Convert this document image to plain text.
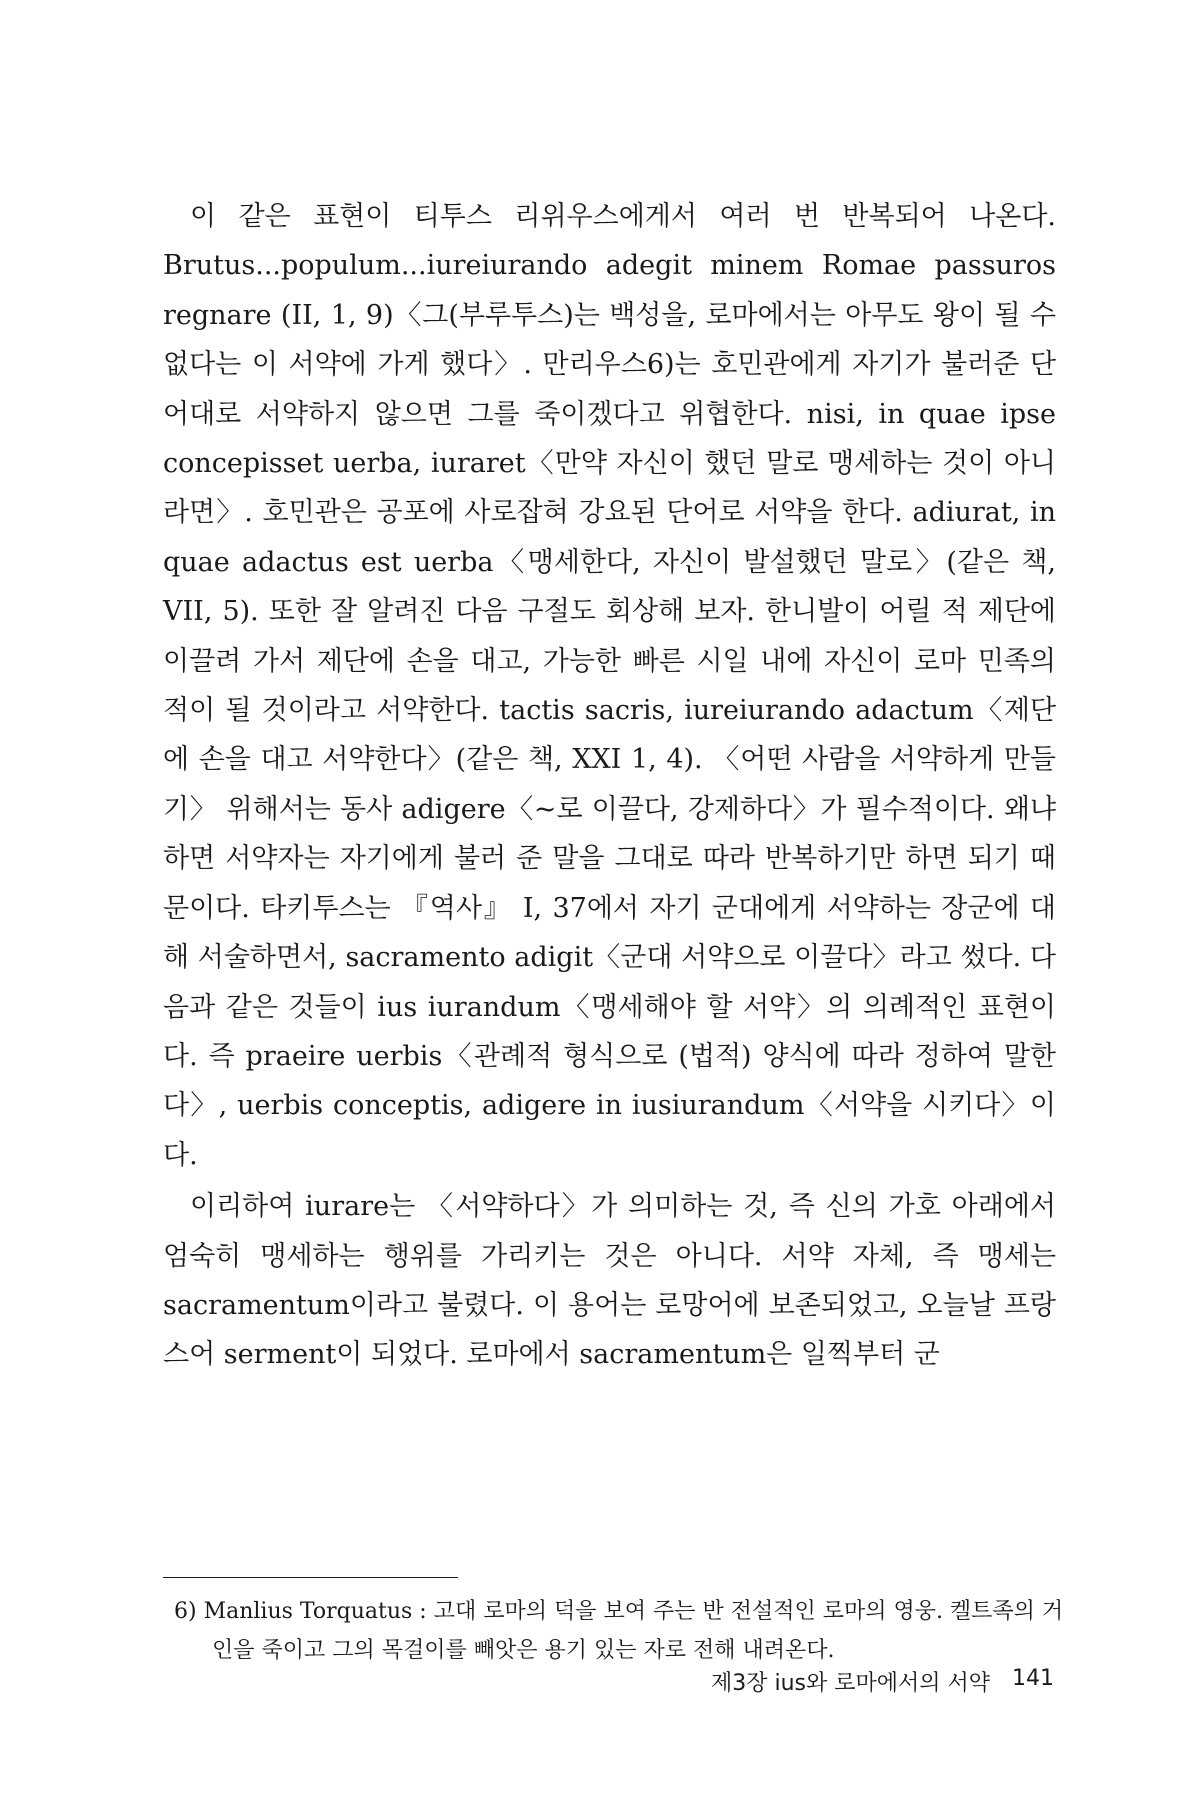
이 같은 표현이 티투스 리위우스에게서 여러 번 반복되어 나온다. Brutus...populum...iureiurando adegit minem Romae passuros regnare (II, 1, 9)〈그(부루투스)는 백성을, 로마에서는 아무도 왕이 될 수 없다는 이 서약에 가게 했다〉. 만리우스6)는 호민관에게 자기가 불러준 단어대로 서약하지 않으면 그를 죽이겠다고 위협한다. nisi, in quae ipse concepisset uerba, iuraret〈만약 자신이 했던 말로 맹세하는 것이 아니라면〉. 호민관은 공포에 사로잡혀 강요된 단어로 서약을 한다. adiurat, in quae adactus est uerba〈맹세한다, 자신이 발설했던 말로〉(같은 책, VII, 5). 또한 잘 알려진 다음 구절도 회상해 보자. 한니발이 어릴 적 제단에 이끌려 가서 제단에 손을 대고, 가능한 빠른 시일 내에 자신이 로마 민족의 적이 될 것이라고 서약한다. tactis sacris, iureiurando adactum〈제단에 손을 대고 서약한다〉(같은 책, XXI 1, 4). 〈어떤 사람을 서약하게 만들기〉 위해서는 동사 adigere〈~로 이끌다, 강제하다〉가 필수적이다. 왜냐하면 서약자는 자기에게 불러 준 말을 그대로 따라 반복하기만 하면 되기 때문이다. 타키투스는 『역사』 I, 37에서 자기 군대에게 서약하는 장군에 대해 서술하면서, sacramento adigit〈군대 서약으로 이끌다〉라고 썼다. 다음과 같은 것들이 ius iurandum〈맹세해야 할 서약〉의 의례적인 표현이다. 즉 praeire uerbis〈관례적 형식으로 (법적) 양식에 따라 정하여 말한다〉, uerbis conceptis, adigere in iusiurandum〈서약을 시키다〉이다.

이리하여 iurare는 〈서약하다〉가 의미하는 것, 즉 신의 가호 아래에서 엄숙히 맹세하는 행위를 가리키는 것은 아니다. 서약 자체, 즉 맹세는 sacramentum이라고 불렸다. 이 용어는 로망어에 보존되었고, 오늘날 프랑스어 serment이 되었다. 로마에서 sacramentum은 일찍부터 군

6) Manlius Torquatus : 고대 로마의 덕을 보여 주는 반 전설적인 로마의 영웅. 켈트족의 거인을 죽이고 그의 목걸이를 빼앗은 용기 있는 자로 전해 내려온다.
제3장 ius와 로마에서의 서약 141
